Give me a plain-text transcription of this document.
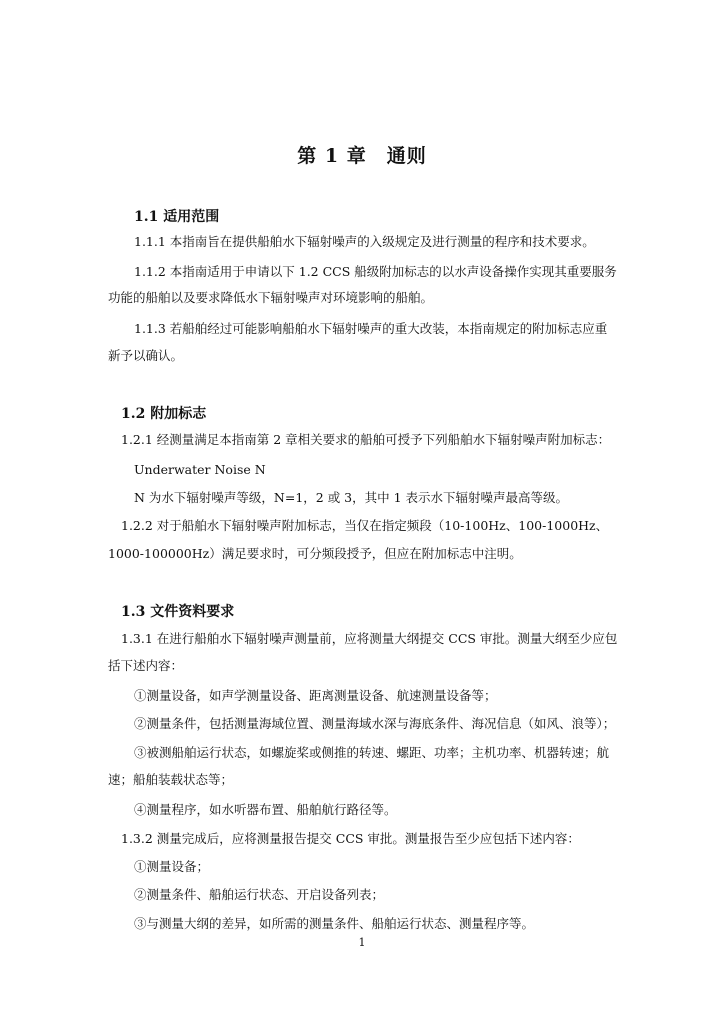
第 1 章　通则
1.1 适用范围
1.1.1 本指南旨在提供船舶水下辐射噪声的入级规定及进行测量的程序和技术要求。
1.1.2 本指南适用于申请以下 1.2 CCS 船级附加标志的以水声设备操作实现其重要服务
功能的船舶以及要求降低水下辐射噪声对环境影响的船舶。
1.1.3 若船舶经过可能影响船舶水下辐射噪声的重大改装，本指南规定的附加标志应重
新予以确认。
1.2 附加标志
1.2.1 经测量满足本指南第 2 章相关要求的船舶可授予下列船舶水下辐射噪声附加标志：
Underwater Noise N
N 为水下辐射噪声等级，N=1，2 或 3，其中 1 表示水下辐射噪声最高等级。
1.2.2 对于船舶水下辐射噪声附加标志，当仅在指定频段（10-100Hz、100-1000Hz、
1000-100000Hz）满足要求时，可分频段授予，但应在附加标志中注明。
1.3 文件资料要求
1.3.1 在进行船舶水下辐射噪声测量前，应将测量大纲提交 CCS 审批。测量大纲至少应包
括下述内容：
①测量设备，如声学测量设备、距离测量设备、航速测量设备等；
②测量条件，包括测量海域位置、测量海域水深与海底条件、海况信息（如风、浪等）；
③被测船舶运行状态，如螺旋桨或侧推的转速、螺距、功率；主机功率、机器转速；航
速；船舶装载状态等；
④测量程序，如水听器布置、船舶航行路径等。
1.3.2 测量完成后，应将测量报告提交 CCS 审批。测量报告至少应包括下述内容：
①测量设备；
②测量条件、船舶运行状态、开启设备列表；
③与测量大纲的差异，如所需的测量条件、船舶运行状态、测量程序等。
1
